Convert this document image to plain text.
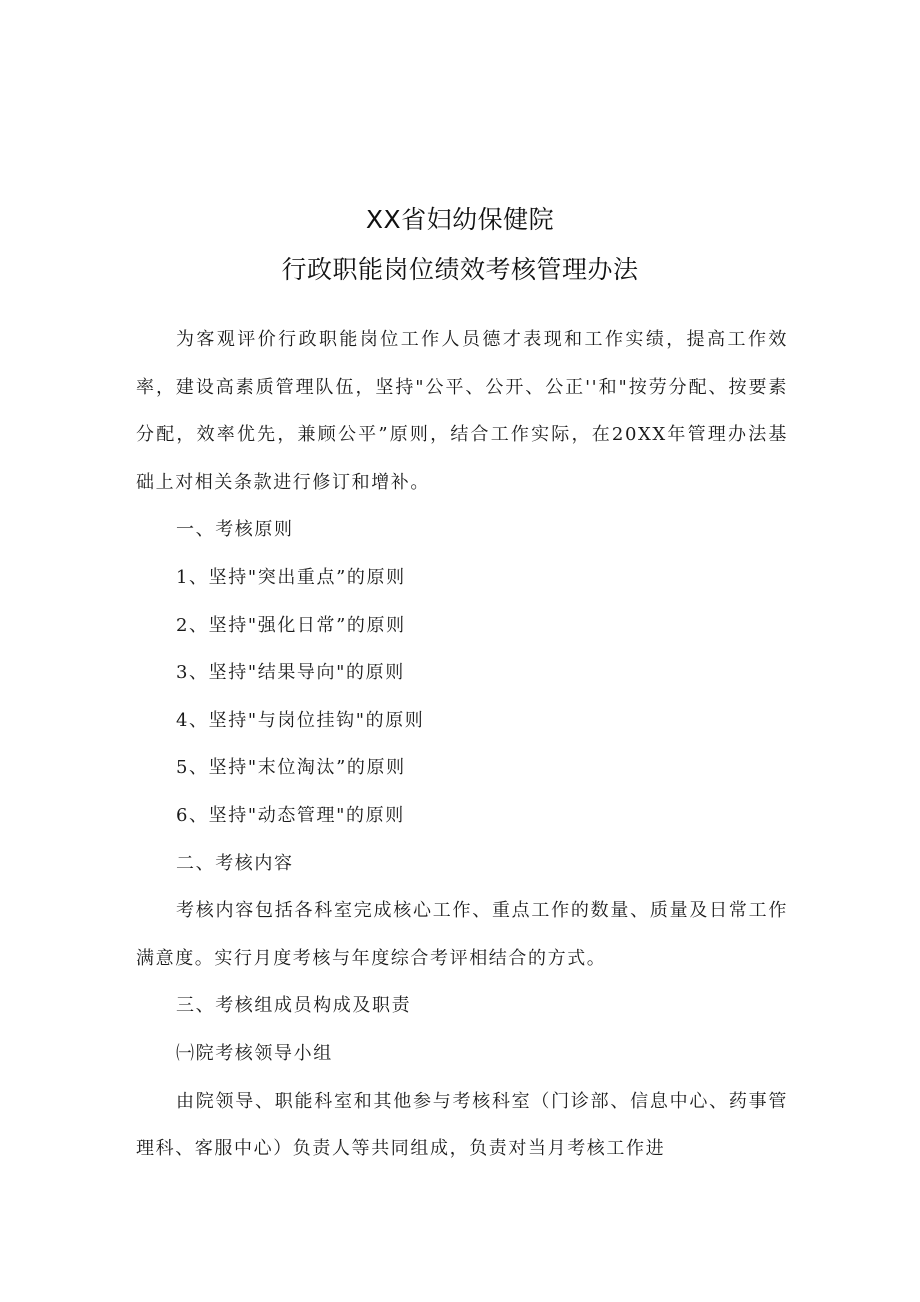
XX省妇幼保健院
行政职能岗位绩效考核管理办法

为客观评价行政职能岗位工作人员德才表现和工作实绩，提高工作效率，建设高素质管理队伍，坚持"公平、公开、公正''和"按劳分配、按要素分配，效率优先，兼顾公平”原则，结合工作实际，在20XX年管理办法基础上对相关条款进行修订和增补。

一、考核原则

1、坚持"突出重点”的原则

2、坚持"强化日常”的原则

3、坚持"结果导向"的原则

4、坚持"与岗位挂钩"的原则

5、坚持"末位淘汰”的原则

6、坚持"动态管理"的原则

二、考核内容

考核内容包括各科室完成核心工作、重点工作的数量、质量及日常工作满意度。实行月度考核与年度综合考评相结合的方式。

三、考核组成员构成及职责

㈠院考核领导小组

由院领导、职能科室和其他参与考核科室（门诊部、信息中心、药事管理科、客服中心）负责人等共同组成，负责对当月考核工作进
